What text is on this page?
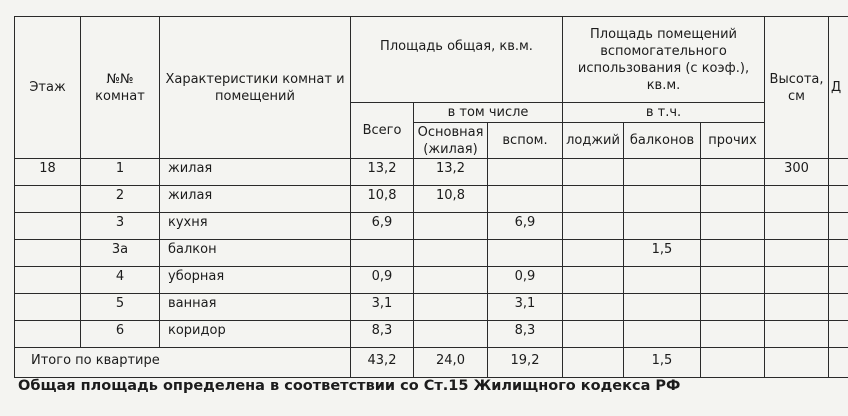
Этаж	№№ комнат	Характеристики комнат и помещений	Площадь общая, кв.м.			Площадь помещений вспомогательного использования (с коэф.), кв.м.			Высота, см	Д
			Всего	в том числе		в т.ч.				
				Основная (жилая)	вспом.	лоджий	балконов	прочих		
18	1	жилая	13,2	13,2					300	
	2	жилая	10,8	10,8						
	3	кухня	6,9		6,9					
	3а	балкон					1,5			
	4	уборная	0,9		0,9					
	5	ванная	3,1		3,1					
	6	коридор	8,3		8,3					
Итого по квартире			43,2	24,0	19,2		1,5			
Общая площадь определена в соответствии со Ст.15 Жилищного кодекса РФ
